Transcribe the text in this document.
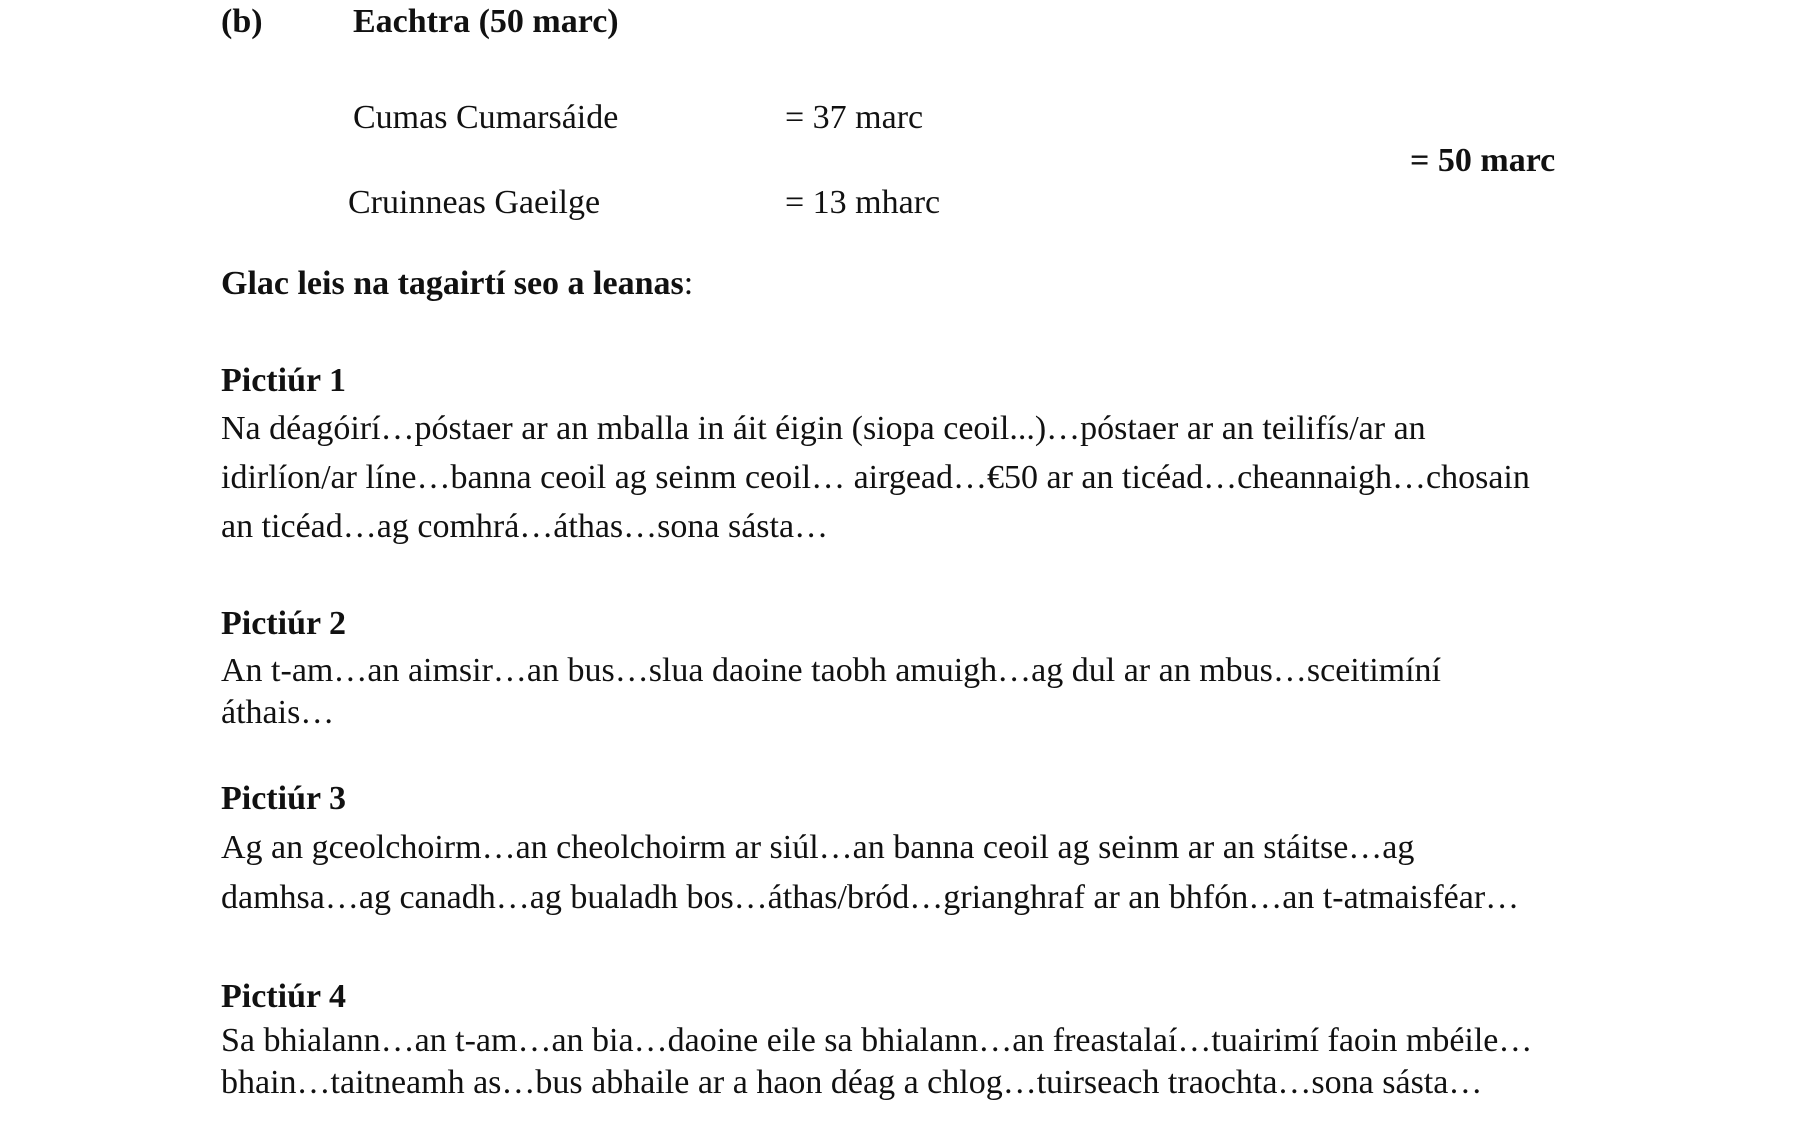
(b)	Eachtra (50 marc)
Cumas Cumarsáide	= 37 marc
Cruinneas Gaeilge	= 13 mharc
= 50 marc
Glac leis na tagairtí seo a leanas:
Pictiúr 1
Na déagóirí…póstaer ar an mballa in áit éigin (siopa ceoil...)…póstaer ar an teilifís/ar an
idirlíon/ar líne…banna ceoil ag seinm ceoil… airgead…€50 ar an ticéad…cheannaigh…chosain
an ticéad…ag comhrá…áthas…sona sásta…
Pictiúr 2
An t-am…an aimsir…an bus…slua daoine taobh amuigh…ag dul ar an mbus…sceitimíní
áthais…
Pictiúr 3
Ag an gceolchoirm…an cheolchoirm ar siúl…an banna ceoil ag seinm ar an stáitse…ag
damhsa…ag canadh…ag bualadh bos…áthas/bród…grianghraf ar an bhfón…an t-atmaisféar…
Pictiúr 4
Sa bhialann…an t-am…an bia…daoine eile sa bhialann…an freastalaí…tuairimí faoin mbéile…
bhain…taitneamh as…bus abhaile ar a haon déag a chlog…tuirseach traochta…sona sásta…
